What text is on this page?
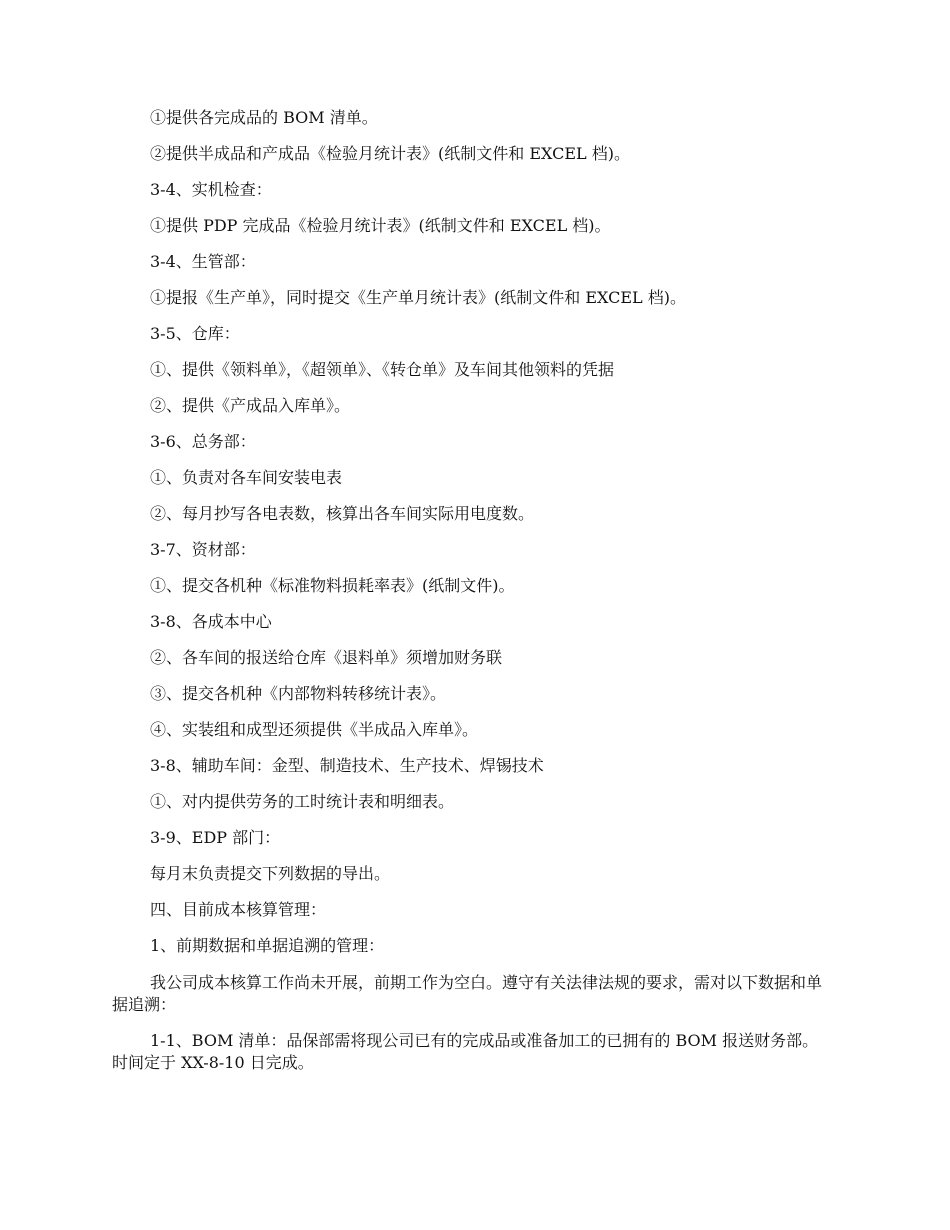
①提供各完成品的 BOM 清单。
②提供半成品和产成品《检验月统计表》(纸制文件和 EXCEL 档)。
3-4、实机检查：
①提供 PDP 完成品《检验月统计表》(纸制文件和 EXCEL 档)。
3-4、生管部：
①提报《生产单》，同时提交《生产单月统计表》(纸制文件和 EXCEL 档)。
3-5、仓库：
①、提供《领料单》，《超领单》、《转仓单》及车间其他领料的凭据
②、提供《产成品入库单》。
3-6、总务部：
①、负责对各车间安装电表
②、每月抄写各电表数，核算出各车间实际用电度数。
3-7、资材部：
①、提交各机种《标准物料损耗率表》(纸制文件)。
3-8、各成本中心
②、各车间的报送给仓库《退料单》须增加财务联
③、提交各机种《内部物料转移统计表》。
④、实装组和成型还须提供《半成品入库单》。
3-8、辅助车间：金型、制造技术、生产技术、焊锡技术
①、对内提供劳务的工时统计表和明细表。
3-9、EDP 部门：
每月末负责提交下列数据的导出。
四、目前成本核算管理：
1、前期数据和单据追溯的管理：
我公司成本核算工作尚未开展，前期工作为空白。遵守有关法律法规的要求，需对以下数据和单据追溯：
1-1、BOM 清单：品保部需将现公司已有的完成品或准备加工的已拥有的 BOM 报送财务部。时间定于 XX-8-10 日完成。
